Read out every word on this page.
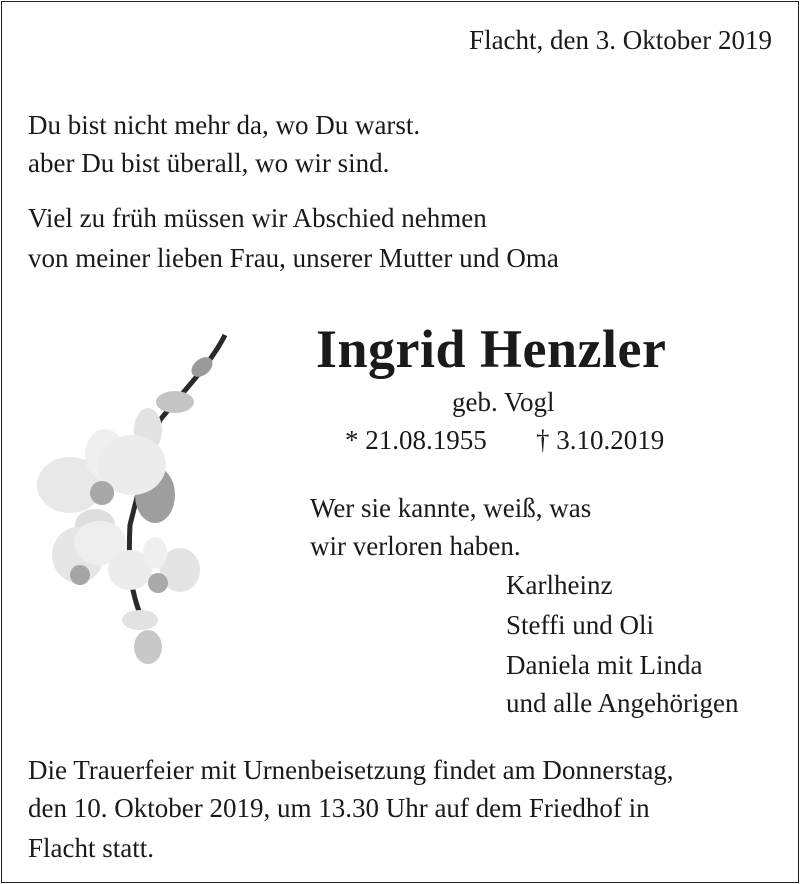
Flacht, den 3. Oktober 2019
Du bist nicht mehr da, wo Du warst.
aber Du bist überall, wo wir sind.
Viel zu früh müssen wir Abschied nehmen
von meiner lieben Frau, unserer Mutter und Oma
Ingrid Henzler
geb. Vogl
* 21.08.1955 † 3.10.2019
Wer sie kannte, weiß, was
wir verloren haben.
Karlheinz
Steffi und Oli
Daniela mit Linda
und alle Angehörigen
Die Trauerfeier mit Urnenbeisetzung findet am Donnerstag,
den 10. Oktober 2019, um 13.30 Uhr auf dem Friedhof in
Flacht statt.
